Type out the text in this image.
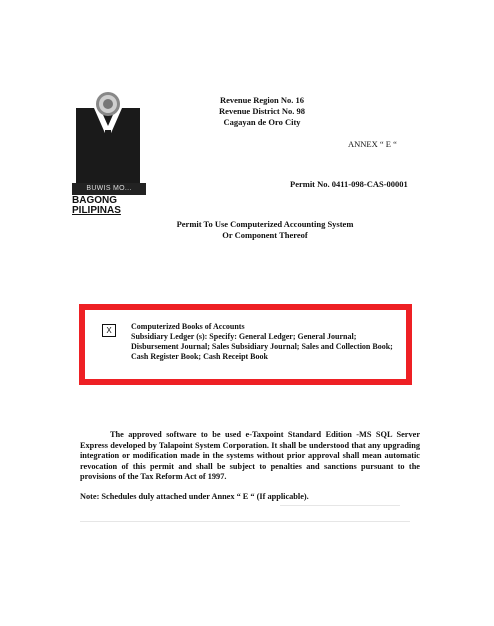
BUWIS MO...
BAGONG
PILIPINAS
Revenue Region No. 16
Revenue District No. 98
Cagayan de Oro City
ANNEX “ E “
Permit No. 0411-098-CAS-00001
Permit To Use Computerized Accounting System
Or Component Thereof
X	Computerized Books of Accounts
Subsidiary Ledger (s): Specify: General Ledger; General Journal;
Disbursement Journal; Sales Subsidiary Journal; Sales and Collection Book;
Cash Register Book; Cash Receipt Book
The approved software to be used e-Taxpoint Standard Edition -MS SQL Server Express developed by Talapoint System Corporation. It shall be understood that any upgrading integration or modification made in the systems without prior approval shall mean automatic revocation of this permit and shall be subject to penalties and sanctions pursuant to the provisions of the Tax Reform Act of 1997.
Note: Schedules duly attached under Annex “ E “ (If applicable).
